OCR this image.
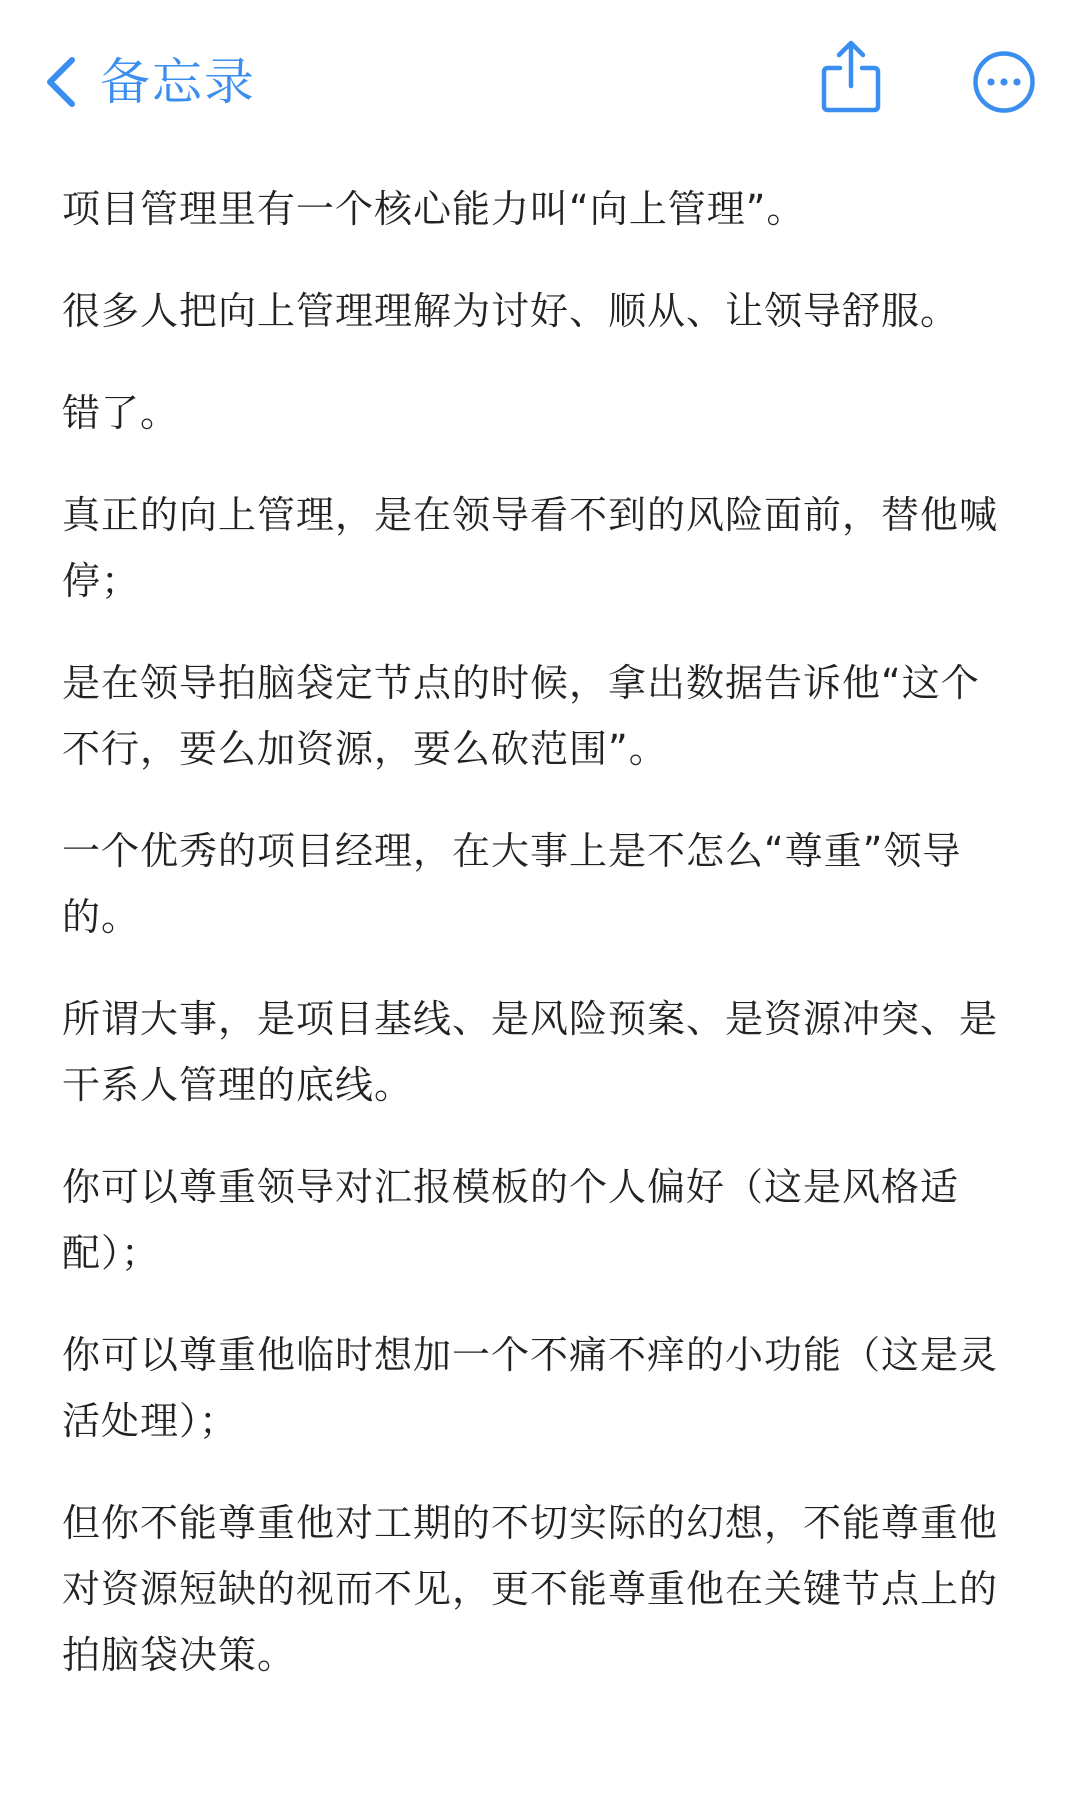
备忘录

项目管理里有一个核心能力叫“向上管理”。

很多人把向上管理理解为讨好、顺从、让领导舒服。

错了。

真正的向上管理，是在领导看不到的风险面前，替他喊停；

是在领导拍脑袋定节点的时候，拿出数据告诉他“这个不行，要么加资源，要么砍范围”。

一个优秀的项目经理，在大事上是不怎么“尊重”领导的。

所谓大事，是项目基线、是风险预案、是资源冲突、是干系人管理的底线。

你可以尊重领导对汇报模板的个人偏好（这是风格适配）；

你可以尊重他临时想加一个不痛不痒的小功能（这是灵活处理）；

但你不能尊重他对工期的不切实际的幻想，不能尊重他对资源短缺的视而不见，更不能尊重他在关键节点上的拍脑袋决策。
